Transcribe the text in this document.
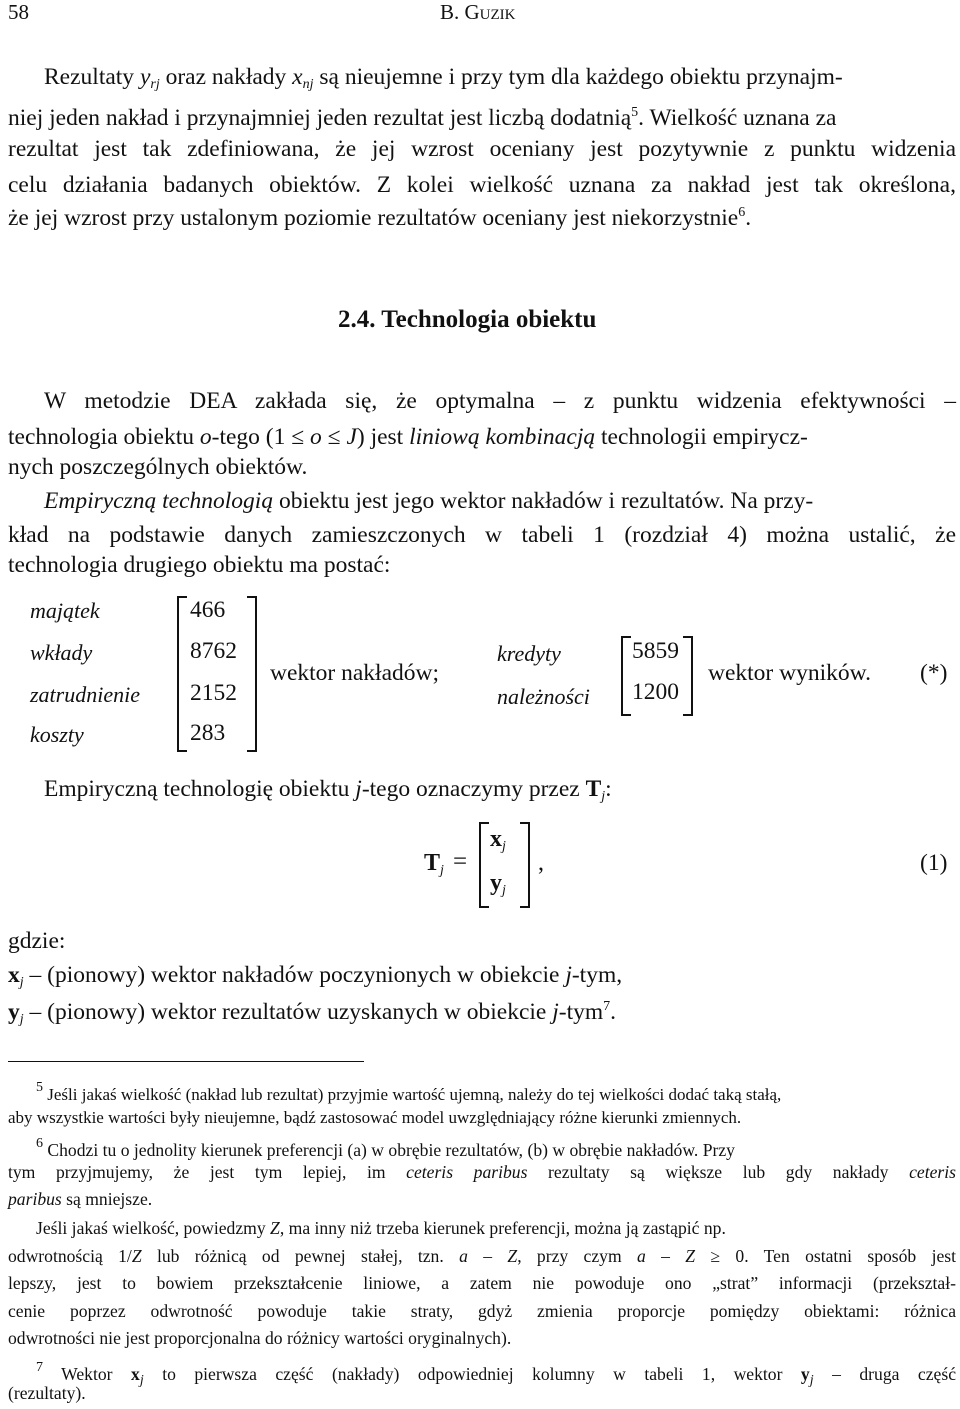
58	B. Guzik
Rezultaty $y_{rj}$ oraz nakłady $x_{nj}$ są nieujemne i przy tym dla każdego obiektu przynajm-
niej jeden nakład i przynajmniej jeden rezultat jest liczbą dodatnią$^5$. Wielkość uznana za
rezultat jest tak zdefiniowana, że jej wzrost oceniany jest pozytywnie z punktu widzenia
celu działania badanych obiektów. Z kolei wielkość uznana za nakład jest tak określona,
że jej wzrost przy ustalonym poziomie rezultatów oceniany jest niekorzystnie$^6$.
2.4. Technologia obiektu
W metodzie DEA zakłada się, że optymalna – z punktu widzenia efektywności –
technologia obiektu o-tego (1 ≤ o ≤ J) jest liniową kombinacją technologii empirycz-
nych poszczególnych obiektów.
Empiryczną technologią obiektu jest jego wektor nakładów i rezultatów. Na przy-
kład na podstawie danych zamieszczonych w tabeli 1 (rozdział 4) można ustalić, że
technologia drugiego obiektu ma postać:
majątek
wkłady
zatrudnienie
koszty
466
8762
2152
283
wektor nakładów;
kredyty
należności
5859
1200
wektor wyników. (*)
Empiryczną technologię obiektu j-tego oznaczymy przez $T_j$:
$T_j$ =
$x_j$
$y_j$
,	(1)
gdzie:
$x_j$ – (pionowy) wektor nakładów poczynionych w obiekcie j-tym,
$y_j$ – (pionowy) wektor rezultatów uzyskanych w obiekcie j-tym$^7$.
$^5$ Jeśli jakaś wielkość (nakład lub rezultat) przyjmie wartość ujemną, należy do tej wielkości dodać taką stałą,
aby wszystkie wartości były nieujemne, bądź zastosować model uwzględniający różne kierunki zmiennych.
$^6$ Chodzi tu o jednolity kierunek preferencji (a) w obrębie rezultatów, (b) w obrębie nakładów. Przy
tym przyjmujemy, że jest tym lepiej, im ceteris paribus rezultaty są większe lub gdy nakłady ceteris
paribus są mniejsze.
Jeśli jakaś wielkość, powiedzmy Z, ma inny niż trzeba kierunek preferencji, można ją zastąpić np.
odwrotnością 1/Z lub różnicą od pewnej stałej, tzn. a – Z, przy czym a – Z ≥ 0. Ten ostatni sposób jest
lepszy, jest to bowiem przekształcenie liniowe, a zatem nie powoduje ono „strat” informacji (przekształ-
cenie poprzez odwrotność powoduje takie straty, gdyż zmienia proporcje pomiędzy obiektami: różnica
odwrotności nie jest proporcjonalna do różnicy wartości oryginalnych).
$^7$ Wektor $x_j$ to pierwsza część (nakłady) odpowiedniej kolumny w tabeli 1, wektor $y_j$ – druga część
(rezultaty).
